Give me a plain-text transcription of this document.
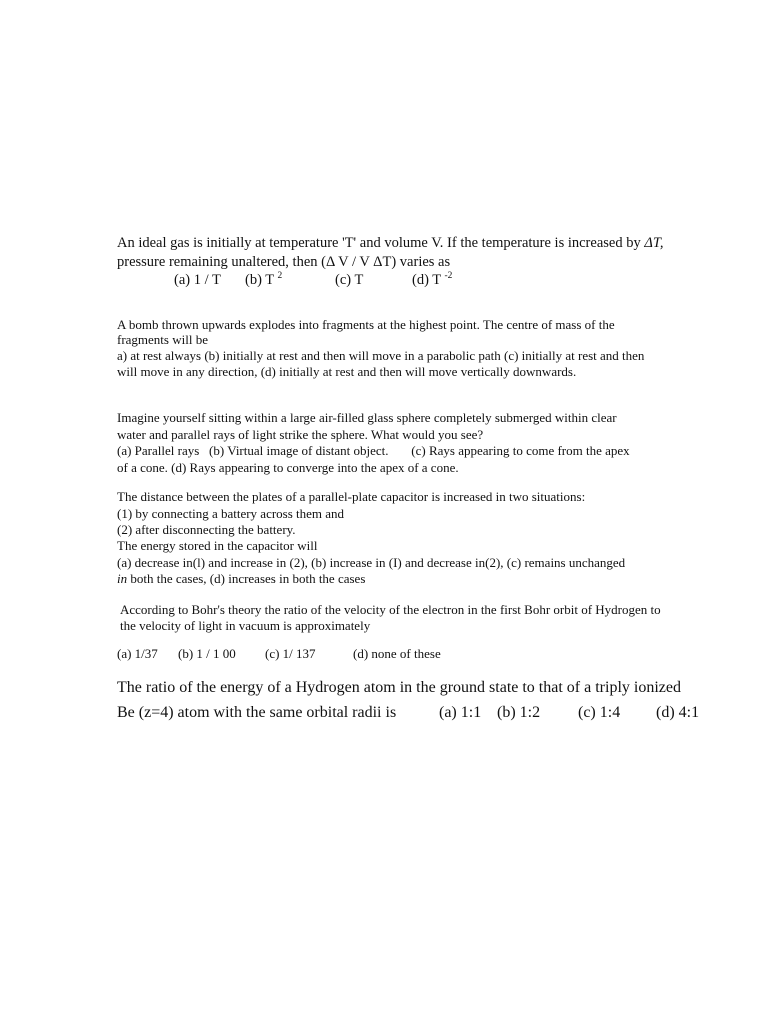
An ideal gas is initially at temperature 'T' and volume V. If the temperature is increased by ΔT,
pressure remaining unaltered, then (Δ V / V ΔT) varies as
(a) 1 / T (b) T $^2$	(c) T	(d) T $^{-2}$
A bomb thrown upwards explodes into fragments at the highest point. The centre of mass of the
fragments will be
a) at rest always (b) initially at rest and then will move in a parabolic path (c) initially at rest and then
will move in any direction, (d) initially at rest and then will move vertically downwards.
Imagine yourself sitting within a large air-filled glass sphere completely submerged within clear
water and parallel rays of light strike the sphere. What would you see?
(a) Parallel rays   (b) Virtual image of distant object.       (c) Rays appearing to come from the apex
of a cone. (d) Rays appearing to converge into the apex of a cone.
The distance between the plates of a parallel-plate capacitor is increased in two situations:
(1) by connecting a battery across them and
(2) after disconnecting the battery.
The energy stored in the capacitor will
(a) decrease in(l) and increase in (2), (b) increase in (I) and decrease in(2), (c) remains unchanged
in both the cases, (d) increases in both the cases
According to Bohr's theory the ratio of the velocity of the electron in the first Bohr orbit of Hydrogen to
the velocity of light in vacuum is approximately
(a) 1/37 (b) 1 / 1 00 (c) 1/ 137	(d) none of these
The ratio of the energy of a Hydrogen atom in the ground state to that of a triply ionized
Be (z=4) atom with the same orbital radii is	(a) 1:1 (b) 1:2 (c) 1:4 (d) 4:1
